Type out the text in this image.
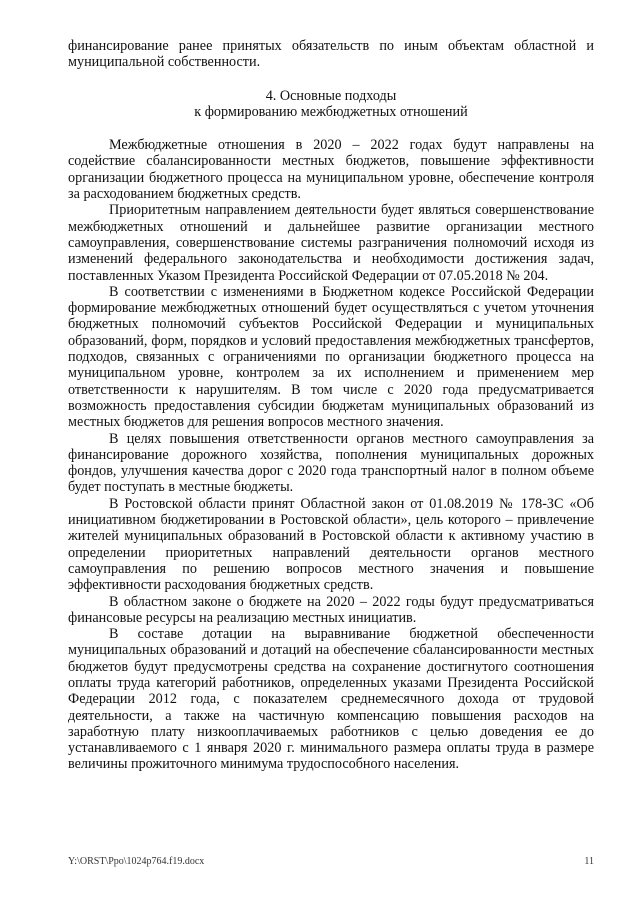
финансирование ранее принятых обязательств по иным объектам областной и муниципальной собственности.

4. Основные подходы

к формированию межбюджетных отношений

Межбюджетные отношения в 2020 – 2022 годах будут направлены на содействие сбалансированности местных бюджетов, повышение эффективности организации бюджетного процесса на муниципальном уровне, обеспечение контроля за расходованием бюджетных средств.

Приоритетным направлением деятельности будет являться совершенствование межбюджетных отношений и дальнейшее развитие организации местного самоуправления, совершенствование системы разграничения полномочий исходя из изменений федерального законодательства и необходимости достижения задач, поставленных Указом Президента Российской Федерации от 07.05.2018 № 204.

В соответствии с изменениями в Бюджетном кодексе Российской Федерации формирование межбюджетных отношений будет осуществляться с учетом уточнения бюджетных полномочий субъектов Российской Федерации и муниципальных образований, форм, порядков и условий предоставления межбюджетных трансфертов, подходов, связанных с ограничениями по организации бюджетного процесса на муниципальном уровне, контролем за их исполнением и применением мер ответственности к нарушителям. В том числе с 2020 года предусматривается возможность предоставления субсидии бюджетам муниципальных образований из местных бюджетов для решения вопросов местного значения.

В целях повышения ответственности органов местного самоуправления за финансирование дорожного хозяйства, пополнения муниципальных дорожных фондов, улучшения качества дорог с 2020 года транспортный налог в полном объеме будет поступать в местные бюджеты.

В Ростовской области принят Областной закон от 01.08.2019 № 178-ЗС «Об инициативном бюджетировании в Ростовской области», цель которого – привлечение жителей муниципальных образований в Ростовской области к активному участию в определении приоритетных направлений деятельности органов местного самоуправления по решению вопросов местного значения и повышение эффективности расходования бюджетных средств.

В областном законе о бюджете на 2020 – 2022 годы будут предусматриваться финансовые ресурсы на реализацию местных инициатив.

В составе дотации на выравнивание бюджетной обеспеченности муниципальных образований и дотаций на обеспечение сбалансированности местных бюджетов будут предусмотрены средства на сохранение достигнутого соотношения оплаты труда категорий работников, определенных указами Президента Российской Федерации 2012 года, с показателем среднемесячного дохода от трудовой деятельности, а также на частичную компенсацию повышения расходов на заработную плату низкооплачиваемых работников с целью доведения ее до устанавливаемого с 1 января 2020 г. минимального размера оплаты труда в размере величины прожиточного минимума трудоспособного населения.

Y:\ORST\Ppo\1024p764.f19.docx	11
